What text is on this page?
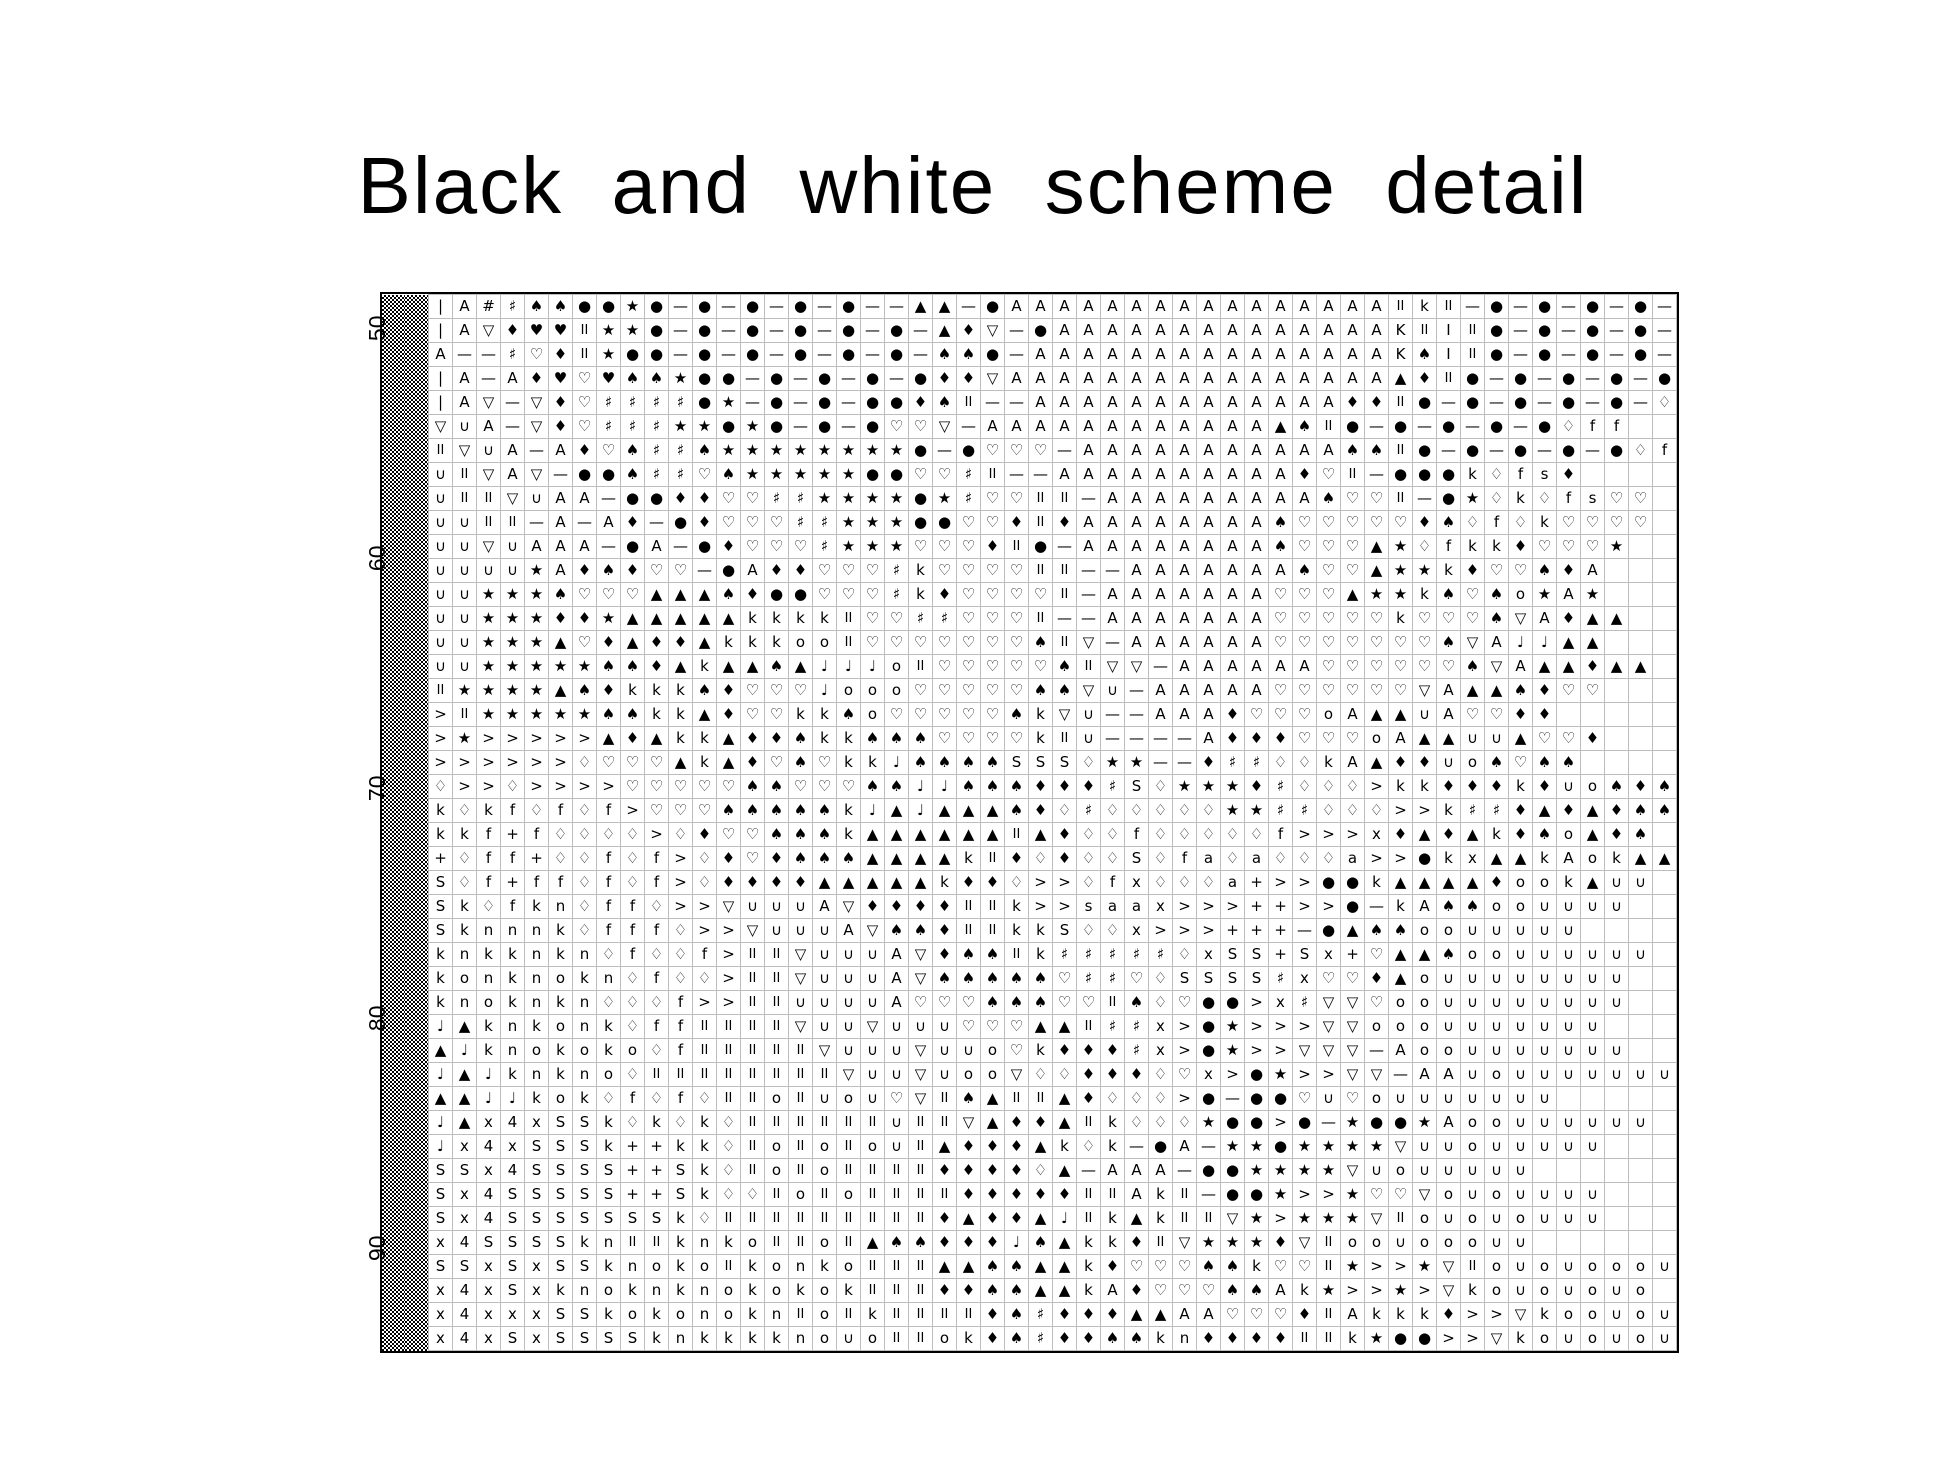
Black  and  white  scheme  detail
50
60
70
80
90
		|	A	#	♯	♠	♠	●	●	★	●	—	●	—	●	—	●	—	●	—	—	▲	▲	—	●	A	A	A	A	A	A	A	A	A	A	A	A	A	A	A	A	II	k	II	—	●	—	●	—	●	—	●	—
		|	A	▽	♦	♥	♥	II	★	★	●	—	●	—	●	—	●	—	●	—	●	—	▲	♦	▽	—	●	A	A	A	A	A	A	A	A	A	A	A	A	A	A	K	II	I	II	●	—	●	—	●	—	●	—
		A	—	—	♯	♡	♦	II	★	●	●	—	●	—	●	—	●	—	●	—	●	—	♠	♠	●	—	A	A	A	A	A	A	A	A	A	A	A	A	A	A	A	K	♠	I	II	●	—	●	—	●	—	●	—
		|	A	—	A	♦	♥	♡	♥	♠	♠	★	●	●	—	●	—	●	—	●	—	●	♦	♦	▽	A	A	A	A	A	A	A	A	A	A	A	A	A	A	A	A	▲	♦	II	●	—	●	—	●	—	●	—	●
		|	A	▽	—	▽	♦	♡	♯	♯	♯	♯	●	★	—	●	—	●	—	●	●	♦	♠	II	—	—	A	A	A	A	A	A	A	A	A	A	A	A	A	♦	♦	II	●	—	●	—	●	—	●	—	●	—	♢
		▽	∪	A	—	▽	♦	♡	♯	♯	♯	★	★	●	★	●	—	●	—	●	♡	♡	▽	—	A	A	A	A	A	A	A	A	A	A	A	A	▲	♠	II	●	—	●	—	●	—	●	—	●	♢	f	f		
		II	▽	∪	A	—	A	♦	♡	♠	♯	♯	♠	★	★	★	★	★	★	★	★	●	—	●	♡	♡	♡	—	A	A	A	A	A	A	A	A	A	A	A	♠	♠	II	●	—	●	—	●	—	●	—	●	♢	f
		∪	II	▽	A	▽	—	●	●	♠	♯	♯	♡	♠	★	★	★	★	★	●	●	♡	♡	♯	II	—	—	A	A	A	A	A	A	A	A	A	A	♦	♡	II	—	●	●	●	k	♢	f	s	♦				
		∪	II	II	▽	∪	A	A	—	●	●	♦	♦	♡	♡	♯	♯	★	★	★	★	●	★	♯	♡	♡	II	II	—	A	A	A	A	A	A	A	A	A	♠	♡	♡	II	—	●	★	♢	k	♢	f	s	♡	♡	
		∪	∪	II	II	—	A	—	A	♦	—	●	♦	♡	♡	♡	♯	♯	★	★	★	●	●	♡	♡	♦	II	♦	A	A	A	A	A	A	A	A	♠	♡	♡	♡	♡	♡	♦	♠	♢	f	♢	k	♡	♡	♡	♡	
		∪	∪	▽	∪	A	A	A	—	●	A	—	●	♦	♡	♡	♡	♯	★	★	★	♡	♡	♡	♦	II	●	—	A	A	A	A	A	A	A	A	♠	♡	♡	♡	▲	★	♢	f	k	k	♦	♡	♡	♡	★		
		∪	∪	∪	∪	★	A	♦	♠	♦	♡	♡	—	●	A	♦	♦	♡	♡	♡	♯	k	♡	♡	♡	♡	II	II	—	—	A	A	A	A	A	A	A	♠	♡	♡	▲	★	★	k	♦	♡	♡	♠	♦	A			
		∪	∪	★	★	★	♠	♡	♡	♡	▲	▲	▲	♠	♦	●	●	♡	♡	♡	♯	k	♦	♡	♡	♡	♡	II	—	A	A	A	A	A	A	A	♡	♡	♡	▲	★	★	k	♠	♡	♠	o	★	A	★			
		∪	∪	★	★	★	♦	♦	★	▲	▲	▲	▲	▲	k	k	k	k	II	♡	♡	♯	♯	♡	♡	♡	II	—	—	A	A	A	A	A	A	A	♡	♡	♡	♡	♡	k	♡	♡	♡	♠	▽	A	♦	▲	▲		
		∪	∪	★	★	★	▲	♡	♦	▲	♦	♦	▲	k	k	k	o	o	II	♡	♡	♡	♡	♡	♡	♡	♠	II	▽	—	A	A	A	A	A	A	♡	♡	♡	♡	♡	♡	♡	♠	▽	A	♩	♩	▲	▲			
		∪	∪	★	★	★	★	★	♠	♠	♦	▲	k	▲	▲	♠	▲	♩	♩	♩	o	II	♡	♡	♡	♡	♡	♠	II	▽	▽	—	A	A	A	A	A	A	♡	♡	♡	♡	♡	♡	♠	▽	A	▲	▲	♦	▲	▲	
		II	★	★	★	★	▲	♠	♦	k	k	k	♠	♦	♡	♡	♡	♩	o	o	o	♡	♡	♡	♡	♡	♠	♠	▽	∪	—	A	A	A	A	A	♡	♡	♡	♡	♡	♡	▽	A	▲	▲	♠	♦	♡	♡			
		>	II	★	★	★	★	★	♠	♠	k	k	▲	♦	♡	♡	k	k	♠	o	♡	♡	♡	♡	♡	♠	k	▽	∪	—	—	A	A	A	♦	♡	♡	♡	o	A	▲	▲	∪	A	♡	♡	♦	♦					
		>	★	>	>	>	>	>	▲	♦	▲	k	k	▲	♦	♦	♠	k	k	♠	♠	♠	♡	♡	♡	♡	k	II	∪	—	—	—	—	A	♦	♦	♦	♡	♡	♡	o	A	▲	▲	∪	∪	▲	♡	♡	♦			
		>	>	>	>	>	>	♢	♡	♡	♡	▲	k	▲	♦	♡	♠	♡	k	k	♩	♠	♠	♠	♠	S	S	S	♢	★	★	—	—	♦	♯	♯	♢	♢	k	A	▲	♦	♦	∪	o	♠	♡	♠	♠				
		♢	>	>	♢	>	>	>	>	♡	♡	♡	♡	♡	♠	♠	♡	♡	♡	♠	♠	♩	♩	♠	♠	♠	♦	♦	♦	♯	S	♢	★	★	★	♦	♯	♢	♢	♢	>	k	k	♦	♦	♦	k	♦	∪	o	♠	♦	♠
		k	♢	k	f	♢	f	♢	f	>	♡	♡	♡	♠	♠	♠	♠	♠	k	♩	▲	♩	▲	▲	▲	♠	♦	♢	♯	♢	♢	♢	♢	♢	★	★	♯	♯	♢	♢	♢	>	>	k	♯	♯	♦	▲	♦	▲	♦	♠	♠
		k	k	f	+	f	♢	♢	♢	♢	>	♢	♦	♡	♡	♠	♠	♠	k	▲	▲	▲	▲	▲	▲	II	▲	♦	♢	♢	f	♢	♢	♢	♢	♢	f	>	>	>	x	♦	▲	♦	▲	k	♦	♠	o	▲	♦	♠	
		+	♢	f	f	+	♢	♢	f	♢	f	>	♢	♦	♡	♦	♠	♠	♠	▲	▲	▲	▲	k	II	♦	♢	♦	♢	♢	S	♢	f	a	♢	a	♢	♢	♢	a	>	>	●	k	x	▲	▲	k	A	o	k	▲	▲
		S	♢	f	+	f	f	♢	f	♢	f	>	♢	♦	♦	♦	♦	▲	▲	▲	▲	▲	k	♦	♦	♢	>	>	♢	f	x	♢	♢	♢	a	+	>	>	●	●	k	▲	▲	▲	▲	♦	o	o	k	▲	∪	∪	
		S	k	♢	f	k	n	♢	f	f	♢	>	>	▽	∪	∪	∪	A	▽	♦	♦	♦	♦	II	II	k	>	>	s	a	a	x	>	>	>	+	+	>	>	●	—	k	A	♠	♠	o	o	∪	∪	∪	∪		
		S	k	n	n	n	k	♢	f	f	f	♢	>	>	▽	∪	∪	∪	A	▽	♠	♠	♦	II	II	k	k	S	♢	♢	x	>	>	>	+	+	+	—	●	▲	♠	♠	o	o	∪	∪	∪	∪	∪				
		k	n	k	k	n	k	n	♢	f	♢	♢	f	>	II	II	▽	∪	∪	∪	A	▽	♦	♠	♠	II	k	♯	♯	♯	♯	♯	♢	x	S	S	+	S	x	+	♡	▲	▲	♠	o	o	∪	∪	∪	∪	∪	∪	
		k	o	n	k	n	o	k	n	♢	f	♢	♢	>	II	II	▽	∪	∪	∪	A	▽	♠	♠	♠	♠	♠	♡	♯	♯	♡	♢	S	S	S	S	♯	x	♡	♡	♦	▲	o	∪	∪	∪	∪	∪	∪	∪	∪		
		k	n	o	k	n	k	n	♢	♢	♢	f	>	>	II	II	∪	∪	∪	∪	A	♡	♡	♡	♠	♠	♠	♡	♡	II	♠	♢	♡	●	●	>	x	♯	▽	▽	♡	o	o	∪	∪	∪	∪	∪	∪	∪	∪		
		♩	▲	k	n	k	o	n	k	♢	f	f	II	II	II	II	▽	∪	∪	▽	∪	∪	∪	♡	♡	♡	▲	▲	II	♯	♯	x	>	●	★	>	>	>	▽	▽	o	o	o	∪	∪	∪	∪	∪	∪	∪			
		▲	♩	k	n	o	k	o	k	o	♢	f	II	II	II	II	II	▽	∪	∪	∪	▽	∪	∪	o	♡	k	♦	♦	♦	♯	x	>	●	★	>	>	▽	▽	▽	—	A	o	o	∪	∪	∪	∪	∪	∪	∪		
		♩	▲	♩	k	n	k	n	o	♢	II	II	II	II	II	II	II	II	▽	∪	∪	▽	∪	o	o	▽	♢	♢	♦	♦	♦	♢	♡	x	>	●	★	>	>	▽	▽	—	A	A	∪	o	∪	∪	∪	∪	∪	∪	∪
		▲	▲	♩	♩	k	o	k	♢	f	♢	f	♢	II	II	o	II	∪	o	∪	♡	▽	II	♠	▲	II	II	▲	♦	♢	♢	♢	>	●	—	●	●	♡	∪	♡	o	∪	∪	∪	∪	∪	∪	∪					
		♩	▲	x	4	x	S	S	k	♢	k	♢	k	♢	II	II	II	II	II	II	∪	II	II	▽	▲	♦	♦	▲	II	k	♢	♢	♢	★	●	●	>	●	—	★	●	●	★	A	o	o	∪	∪	∪	∪	∪	∪	
		♩	x	4	x	S	S	S	k	+	+	k	k	♢	II	o	II	o	II	o	∪	II	▲	♦	♦	♦	▲	k	♢	k	—	●	A	—	★	★	●	★	★	★	★	▽	∪	∪	o	∪	∪	∪	∪	∪			
		S	S	x	4	S	S	S	S	+	+	S	k	♢	II	o	II	o	II	II	II	II	♦	♦	♦	♦	♢	▲	—	A	A	A	—	●	●	★	★	★	★	▽	∪	o	∪	∪	∪	∪	∪						
		S	x	4	S	S	S	S	S	+	+	S	k	♢	♢	II	o	II	o	II	II	II	II	♦	♦	♦	♦	♦	II	II	A	k	II	—	●	●	★	>	>	★	♡	♡	▽	o	∪	o	∪	∪	∪	∪			
		S	x	4	S	S	S	S	S	S	S	k	♢	II	II	II	II	II	II	II	II	II	♦	▲	♦	♦	▲	♩	II	k	▲	k	II	II	▽	★	>	★	★	★	▽	II	o	∪	o	∪	o	∪	∪	∪			
		x	4	S	S	S	S	k	n	II	II	k	n	k	o	II	II	o	II	▲	♠	♠	♦	♦	♦	♩	♠	▲	k	k	♦	II	▽	★	★	★	♦	▽	II	o	o	∪	o	o	o	∪	∪						
		S	S	x	S	x	S	S	k	n	o	k	o	II	k	o	n	k	o	II	II	II	▲	▲	♠	♠	▲	▲	k	♦	♡	♡	♡	♠	♠	k	♡	♡	II	★	>	>	★	▽	II	o	∪	o	∪	o	o	o	∪
		x	4	x	S	x	k	n	o	k	n	k	n	o	k	o	k	o	k	II	II	II	♦	♦	♠	♠	▲	▲	k	A	♦	♡	♡	♡	♠	♠	A	k	★	>	>	★	>	▽	k	o	∪	o	∪	o	∪	o	
		x	4	x	x	x	S	S	k	o	k	o	n	o	k	n	II	o	II	k	II	II	II	II	♦	♠	♯	♦	♦	♦	▲	▲	A	A	♡	♡	♡	♦	II	A	k	k	k	♦	>	>	▽	k	o	o	∪	o	∪
		x	4	x	S	x	S	S	S	S	k	n	k	k	k	k	n	o	∪	o	II	II	o	k	♦	♠	♯	♦	♦	♠	♠	k	n	♦	♦	♦	♦	II	II	k	★	●	●	>	>	▽	k	o	∪	o	∪	o	∪
